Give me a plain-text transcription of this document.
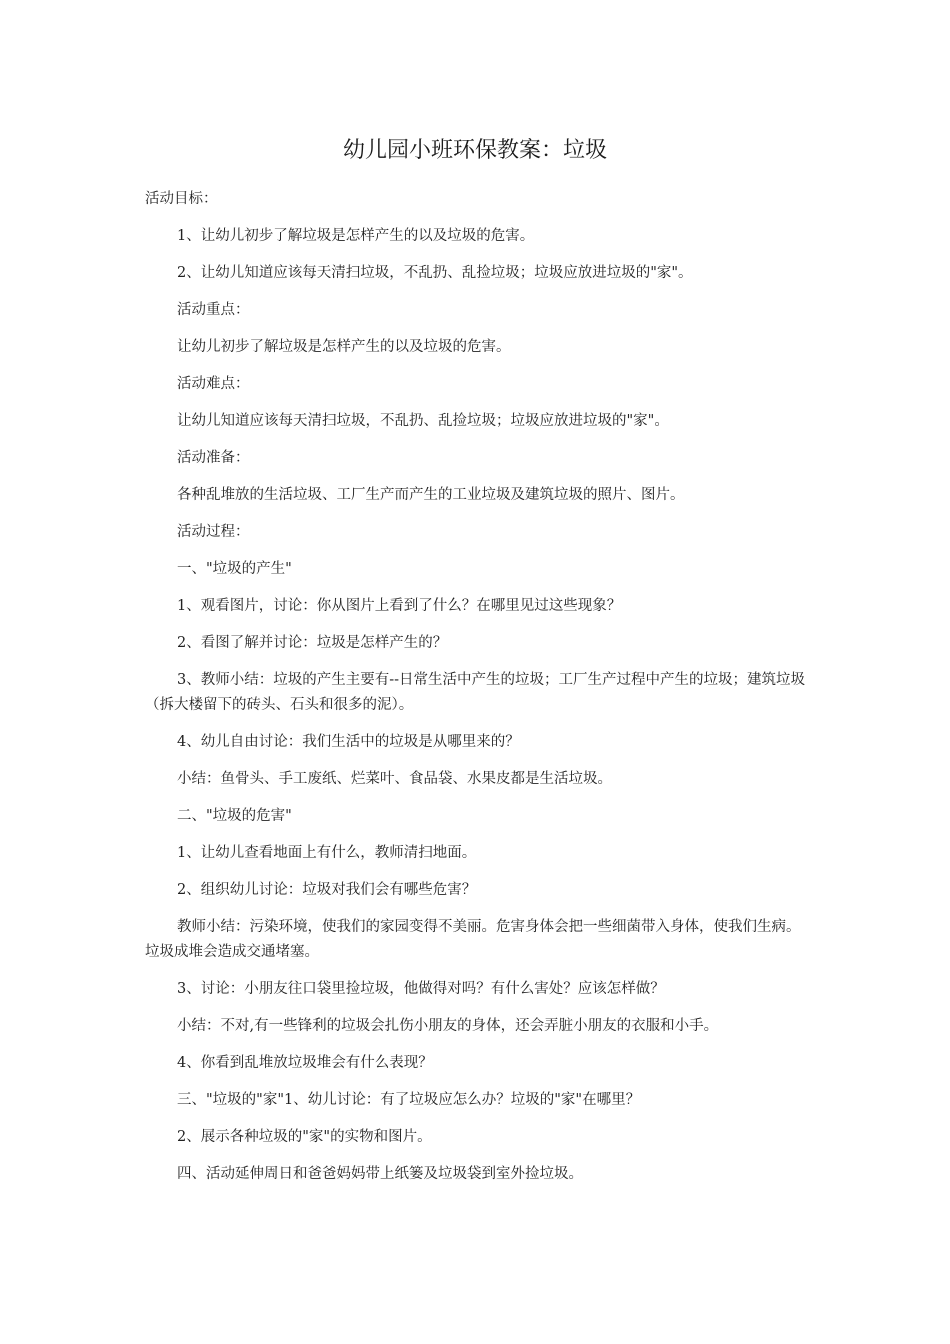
幼儿园小班环保教案：垃圾

活动目标：

1、让幼儿初步了解垃圾是怎样产生的以及垃圾的危害。

2、让幼儿知道应该每天清扫垃圾，不乱扔、乱捡垃圾；垃圾应放进垃圾的"家"。

活动重点：

让幼儿初步了解垃圾是怎样产生的以及垃圾的危害。

活动难点：

让幼儿知道应该每天清扫垃圾，不乱扔、乱捡垃圾；垃圾应放进垃圾的"家"。

活动准备：

各种乱堆放的生活垃圾、工厂生产而产生的工业垃圾及建筑垃圾的照片、图片。

活动过程：

一、"垃圾的产生"

1、观看图片，讨论：你从图片上看到了什么？在哪里见过这些现象？

2、看图了解并讨论：垃圾是怎样产生的？

3、教师小结：垃圾的产生主要有--日常生活中产生的垃圾；工厂生产过程中产生的垃圾；建筑垃圾（拆大楼留下的砖头、石头和很多的泥）。

4、幼儿自由讨论：我们生活中的垃圾是从哪里来的？

小结：鱼骨头、手工废纸、烂菜叶、食品袋、水果皮都是生活垃圾。

二、"垃圾的危害"

1、让幼儿查看地面上有什么，教师清扫地面。

2、组织幼儿讨论：垃圾对我们会有哪些危害？

教师小结：污染环境，使我们的家园变得不美丽。危害身体会把一些细菌带入身体，使我们生病。垃圾成堆会造成交通堵塞。

3、讨论：小朋友往口袋里捡垃圾，他做得对吗？有什么害处？应该怎样做？

小结：不对,有一些锋利的垃圾会扎伤小朋友的身体，还会弄脏小朋友的衣服和小手。

4、你看到乱堆放垃圾堆会有什么表现？

三、"垃圾的"家"1、幼儿讨论：有了垃圾应怎么办？垃圾的"家"在哪里？

2、展示各种垃圾的"家"的实物和图片。

四、活动延伸周日和爸爸妈妈带上纸篓及垃圾袋到室外捡垃圾。
